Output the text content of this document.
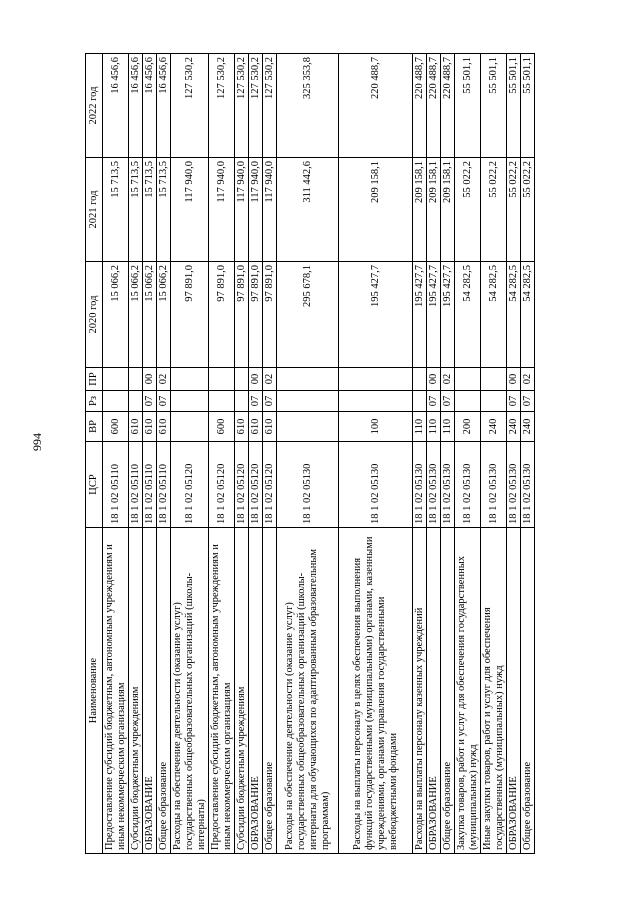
994
Наименование	ЦСР	ВР	Рз	ПР	2020 год	2021 год	2022 год
Предоставление субсидий бюджетным, автономным учреждениям и иным некоммерческим организациям	18 1 02 05110	600			15 066,2	15 713,5	16 456,6
Субсидии бюджетным учреждениям	18 1 02 05110	610			15 066,2	15 713,5	16 456,6
ОБРАЗОВАНИЕ	18 1 02 05110	610	07	00	15 066,2	15 713,5	16 456,6
Общее образование	18 1 02 05110	610	07	02	15 066,2	15 713,5	16 456,6
Расходы на обеспечение деятельности (оказание услуг) государственных общеобразовательных организаций (школы-интернаты)	18 1 02 05120				97 891,0	117 940,0	127 530,2
Предоставление субсидий бюджетным, автономным учреждениям и иным некоммерческим организациям	18 1 02 05120	600			97 891,0	117 940,0	127 530,2
Субсидии бюджетным учреждениям	18 1 02 05120	610			97 891,0	117 940,0	127 530,2
ОБРАЗОВАНИЕ	18 1 02 05120	610	07	00	97 891,0	117 940,0	127 530,2
Общее образование	18 1 02 05120	610	07	02	97 891,0	117 940,0	127 530,2
Расходы на обеспечение деятельности (оказание услуг) государственных общеобразовательных организаций (школы-интернаты для обучающихся по адаптированным образовательным программам)	18 1 02 05130				295 678,1	311 442,6	325 353,8
Расходы на выплаты персоналу в целях обеспечения выполнения функций государственными (муниципальными) органами, казенными учреждениями, органами управления государственными внебюджетными фондами	18 1 02 05130	100			195 427,7	209 158,1	220 488,7
Расходы на выплаты персоналу казенных учреждений	18 1 02 05130	110			195 427,7	209 158,1	220 488,7
ОБРАЗОВАНИЕ	18 1 02 05130	110	07	00	195 427,7	209 158,1	220 488,7
Общее образование	18 1 02 05130	110	07	02	195 427,7	209 158,1	220 488,7
Закупка товаров, работ и услуг для обеспечения государственных (муниципальных) нужд	18 1 02 05130	200			54 282,5	55 022,2	55 501,1
Иные закупки товаров, работ и услуг для обеспечения государственных (муниципальных) нужд	18 1 02 05130	240			54 282,5	55 022,2	55 501,1
ОБРАЗОВАНИЕ	18 1 02 05130	240	07	00	54 282,5	55 022,2	55 501,1
Общее образование	18 1 02 05130	240	07	02	54 282,5	55 022,2	55 501,1
